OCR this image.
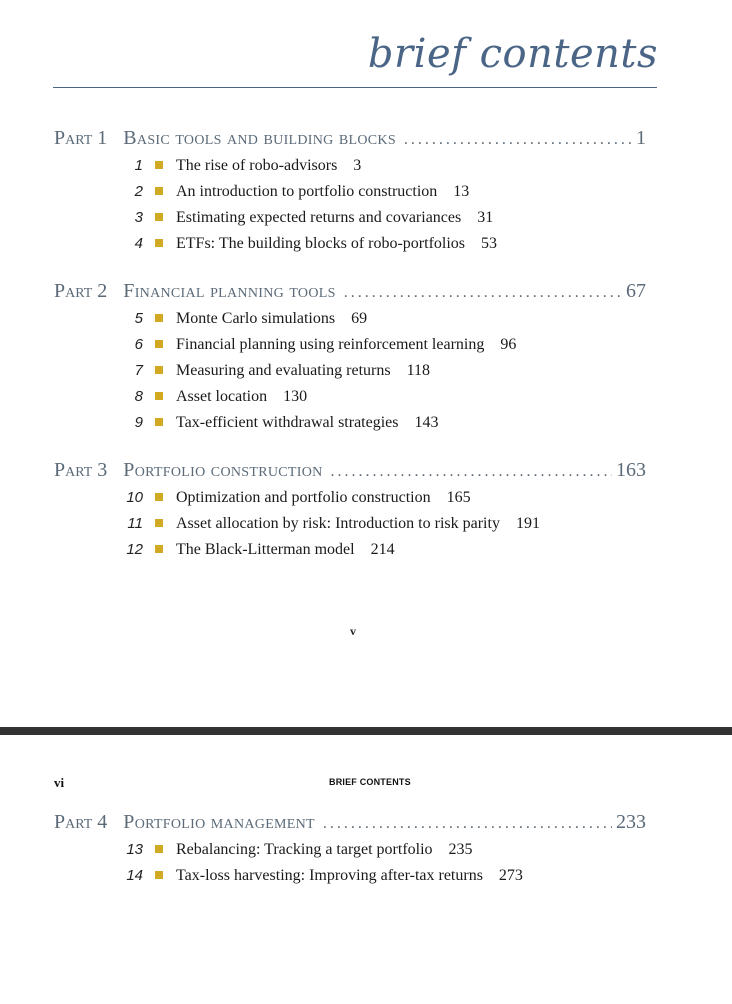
brief contents
Part 1 Basic tools and building blocks .....	1
1 The rise of robo-advisors 3
2 An introduction to portfolio construction 13
3 Estimating expected returns and covariances 31
4 ETFs: The building blocks of robo-portfolios 53
Part 2 Financial planning tools .....	67
5 Monte Carlo simulations 69
6 Financial planning using reinforcement learning 96
7 Measuring and evaluating returns 118
8 Asset location 130
9 Tax-efficient withdrawal strategies 143
Part 3 Portfolio construction .....	163
10 Optimization and portfolio construction 165
11 Asset allocation by risk: Introduction to risk parity 191
12 The Black-Litterman model 214
v
vi	BRIEF CONTENTS
Part 4 Portfolio management .....	233
13 Rebalancing: Tracking a target portfolio 235
14 Tax-loss harvesting: Improving after-tax returns 273
